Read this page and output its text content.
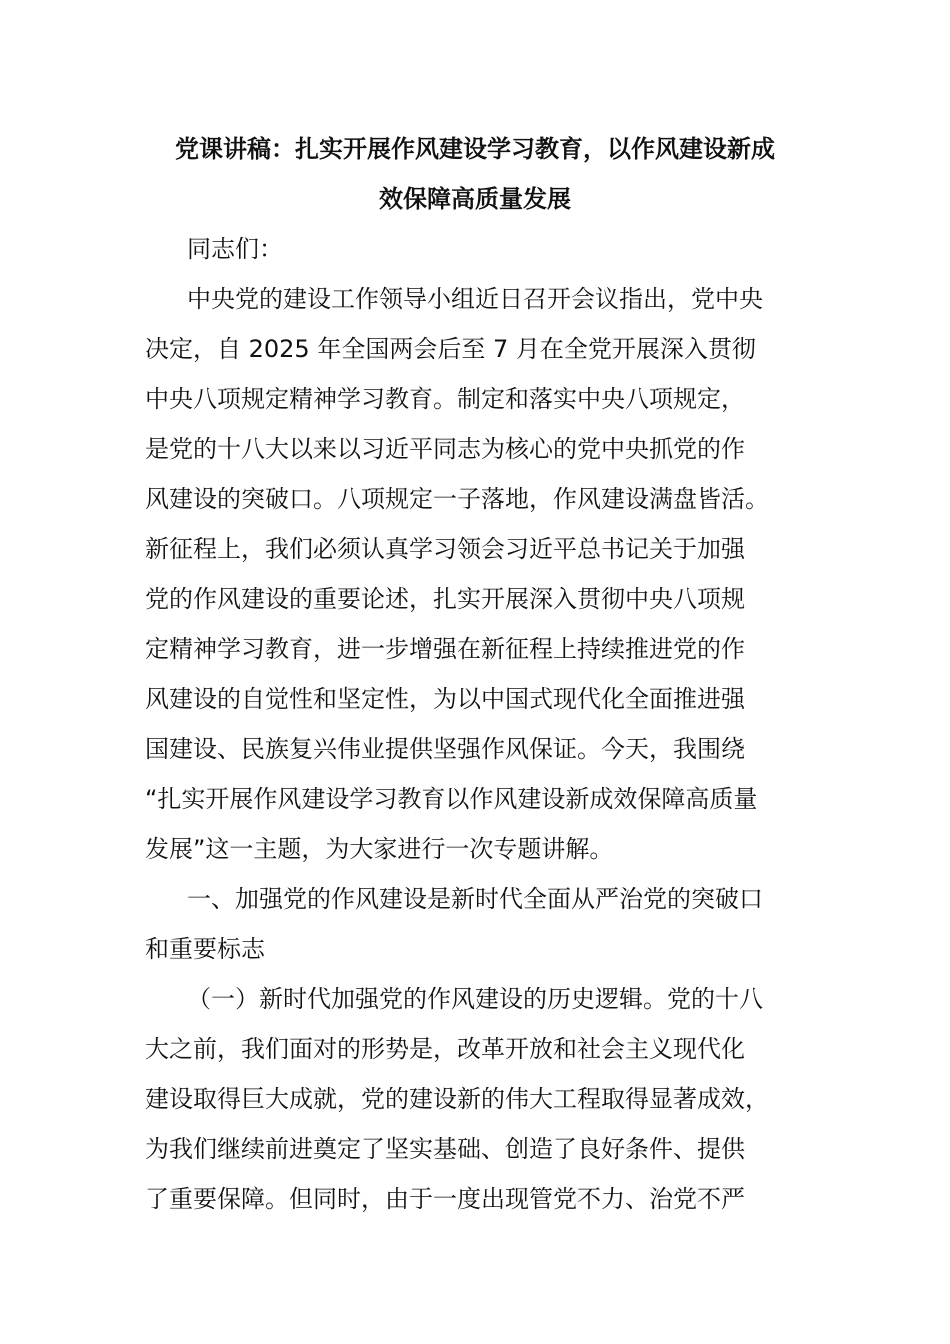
党课讲稿：扎实开展作风建设学习教育，以作风建设新成
效保障高质量发展
同志们：
中央党的建设工作领导小组近日召开会议指出，党中央
决定，自 2025 年全国两会后至 7 月在全党开展深入贯彻
中央八项规定精神学习教育。制定和落实中央八项规定，
是党的十八大以来以习近平同志为核心的党中央抓党的作
风建设的突破口。八项规定一子落地，作风建设满盘皆活。
新征程上，我们必须认真学习领会习近平总书记关于加强
党的作风建设的重要论述，扎实开展深入贯彻中央八项规
定精神学习教育，进一步增强在新征程上持续推进党的作
风建设的自觉性和坚定性，为以中国式现代化全面推进强
国建设、民族复兴伟业提供坚强作风保证。今天，我围绕
“扎实开展作风建设学习教育以作风建设新成效保障高质量
发展”这一主题，为大家进行一次专题讲解。
一、加强党的作风建设是新时代全面从严治党的突破口
和重要标志
（一）新时代加强党的作风建设的历史逻辑。党的十八
大之前，我们面对的形势是，改革开放和社会主义现代化
建设取得巨大成就，党的建设新的伟大工程取得显著成效，
为我们继续前进奠定了坚实基础、创造了良好条件、提供
了重要保障。但同时，由于一度出现管党不力、治党不严
